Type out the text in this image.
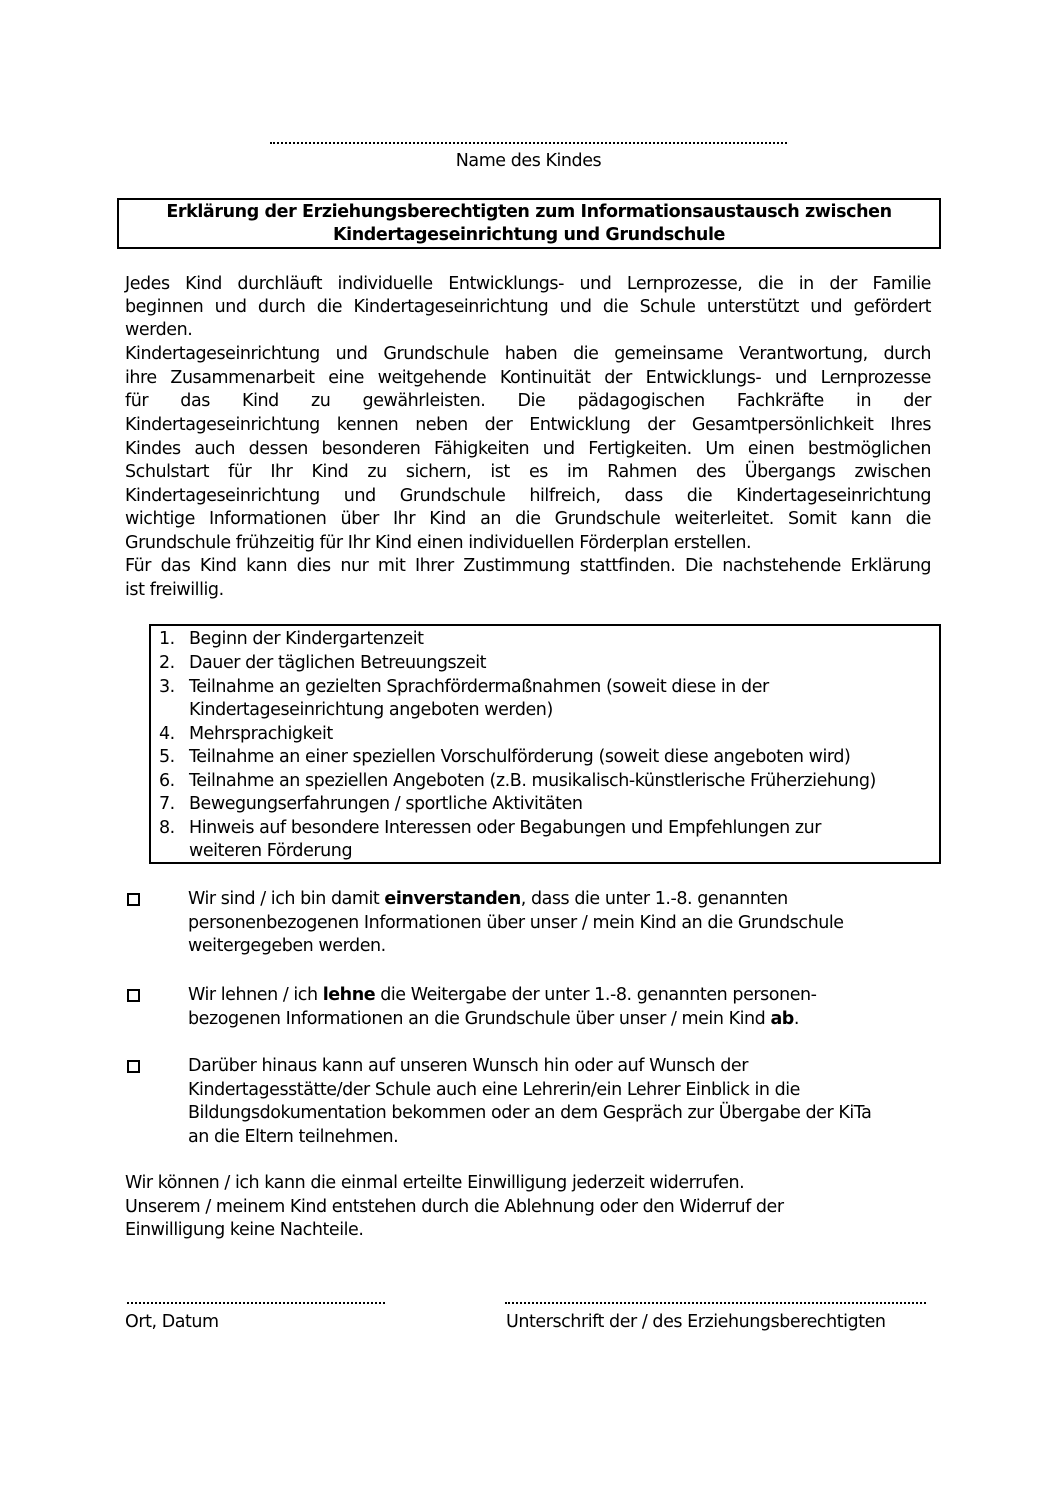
Name des Kindes
Erklärung der Erziehungsberechtigten zum Informationsaustausch zwischen
Kindertageseinrichtung und Grundschule
Jedes Kind durchläuft individuelle Entwicklungs- und Lernprozesse, die in der Familie
beginnen und durch die Kindertageseinrichtung und die Schule unterstützt und gefördert
werden.
Kindertageseinrichtung und Grundschule haben die gemeinsame Verantwortung, durch
ihre Zusammenarbeit eine weitgehende Kontinuität der Entwicklungs- und Lernprozesse
für das Kind zu gewährleisten. Die pädagogischen Fachkräfte in der
Kindertageseinrichtung kennen neben der Entwicklung der Gesamtpersönlichkeit Ihres
Kindes auch dessen besonderen Fähigkeiten und Fertigkeiten. Um einen bestmöglichen
Schulstart für Ihr Kind zu sichern, ist es im Rahmen des Übergangs zwischen
Kindertageseinrichtung und Grundschule hilfreich, dass die Kindertageseinrichtung
wichtige Informationen über Ihr Kind an die Grundschule weiterleitet. Somit kann die
Grundschule frühzeitig für Ihr Kind einen individuellen Förderplan erstellen.
Für das Kind kann dies nur mit Ihrer Zustimmung stattfinden. Die nachstehende Erklärung
ist freiwillig.
1. Beginn der Kindergartenzeit
2. Dauer der täglichen Betreuungszeit
3. Teilnahme an gezielten Sprachfördermaßnahmen (soweit diese in der
Kindertageseinrichtung angeboten werden)
4. Mehrsprachigkeit
5. Teilnahme an einer speziellen Vorschulförderung (soweit diese angeboten wird)
6. Teilnahme an speziellen Angeboten (z.B. musikalisch-künstlerische Früherziehung)
7. Bewegungserfahrungen / sportliche Aktivitäten
8. Hinweis auf besondere Interessen oder Begabungen und Empfehlungen zur
weiteren Förderung
Wir sind / ich bin damit einverstanden, dass die unter 1.-8. genannten
personenbezogenen Informationen über unser / mein Kind an die Grundschule
weitergegeben werden.
Wir lehnen / ich lehne die Weitergabe der unter 1.-8. genannten personen-
bezogenen Informationen an die Grundschule über unser / mein Kind ab.
Darüber hinaus kann auf unseren Wunsch hin oder auf Wunsch der
Kindertagesstätte/der Schule auch eine Lehrerin/ein Lehrer Einblick in die
Bildungsdokumentation bekommen oder an dem Gespräch zur Übergabe der KiTa
an die Eltern teilnehmen.
Wir können / ich kann die einmal erteilte Einwilligung jederzeit widerrufen.
Unserem / meinem Kind entstehen durch die Ablehnung oder den Widerruf der
Einwilligung keine Nachteile.
Ort, Datum	Unterschrift der / des Erziehungsberechtigten
